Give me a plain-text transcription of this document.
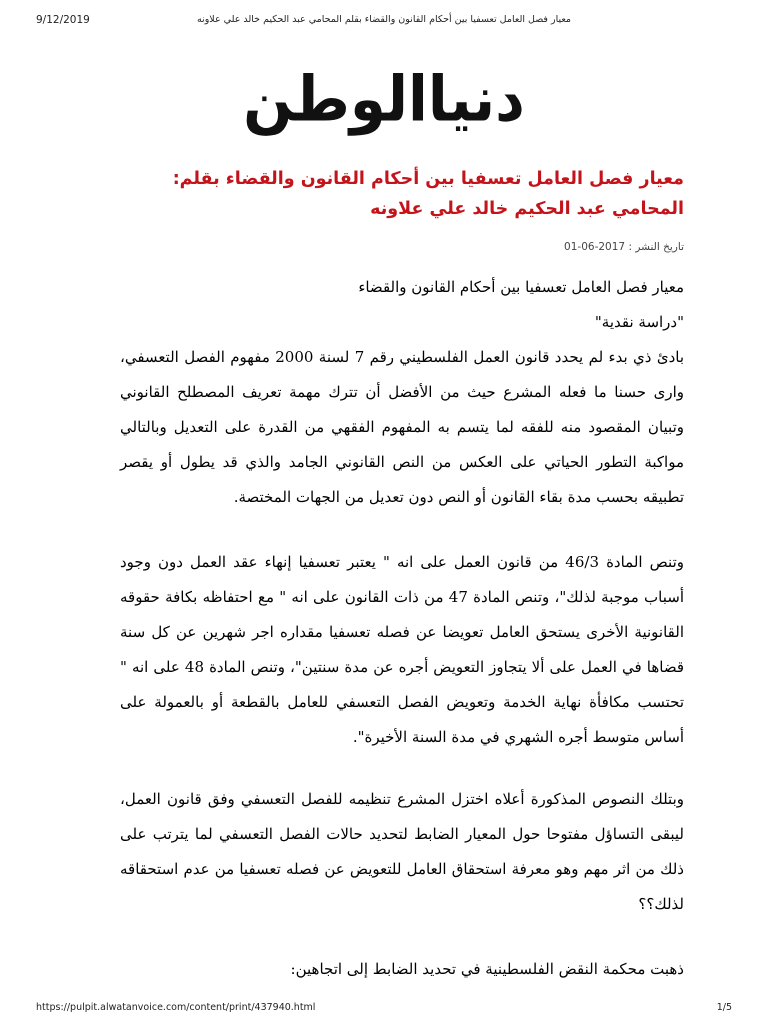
9/12/2019	معيار فصل العامل تعسفيا بين أحكام القانون والقضاء بقلم المحامي عبد الحكيم خالد علي علاونه
دنياالوطن
معيار فصل العامل تعسفيا بين أحكام القانون والقضاء بقلم: المحامي عبد الحكيم خالد علي علاونه
تاريخ النشر : 2017-06-01

معيار فصل العامل تعسفيا بين أحكام القانون والقضاء

"دراسة نقدية"

بادئ ذي بدء لم يحدد قانون العمل الفلسطيني رقم 7 لسنة 2000 مفهوم الفصل التعسفي، وارى حسنا ما فعله المشرع حيث من الأفضل أن تترك مهمة تعريف المصطلح القانوني وتبيان المقصود منه للفقه لما يتسم به المفهوم الفقهي من القدرة على التعديل وبالتالي مواكبة التطور الحياتي على العكس من النص القانوني الجامد والذي قد يطول أو يقصر تطبيقه بحسب مدة بقاء القانون أو النص دون تعديل من الجهات المختصة.

وتنص المادة 46/3 من قانون العمل على انه " يعتبر تعسفيا إنهاء عقد العمل دون وجود أسباب موجبة لذلك"، وتنص المادة 47 من ذات القانون على انه " مع احتفاظه بكافة حقوقه القانونية الأخرى يستحق العامل تعويضا عن فصله تعسفيا مقداره اجر شهرين عن كل سنة قضاها في العمل على ألا يتجاوز التعويض أجره عن مدة سنتين"، وتنص المادة 48 على انه " تحتسب مكافأة نهاية الخدمة وتعويض الفصل التعسفي للعامل بالقطعة أو بالعمولة على أساس متوسط أجره الشهري في مدة السنة الأخيرة".

وبتلك النصوص المذكورة أعلاه اختزل المشرع تنظيمه للفصل التعسفي وفق قانون العمل، ليبقى التساؤل مفتوحا حول المعيار الضابط لتحديد حالات الفصل التعسفي لما يترتب على ذلك من اثر مهم وهو معرفة استحقاق العامل للتعويض عن فصله تعسفيا من عدم استحقاقه لذلك؟؟

ذهبت محكمة النقض الفلسطينية في تحديد الضابط إلى اتجاهين:

https://pulpit.alwatanvoice.com/content/print/437940.html	1/5
